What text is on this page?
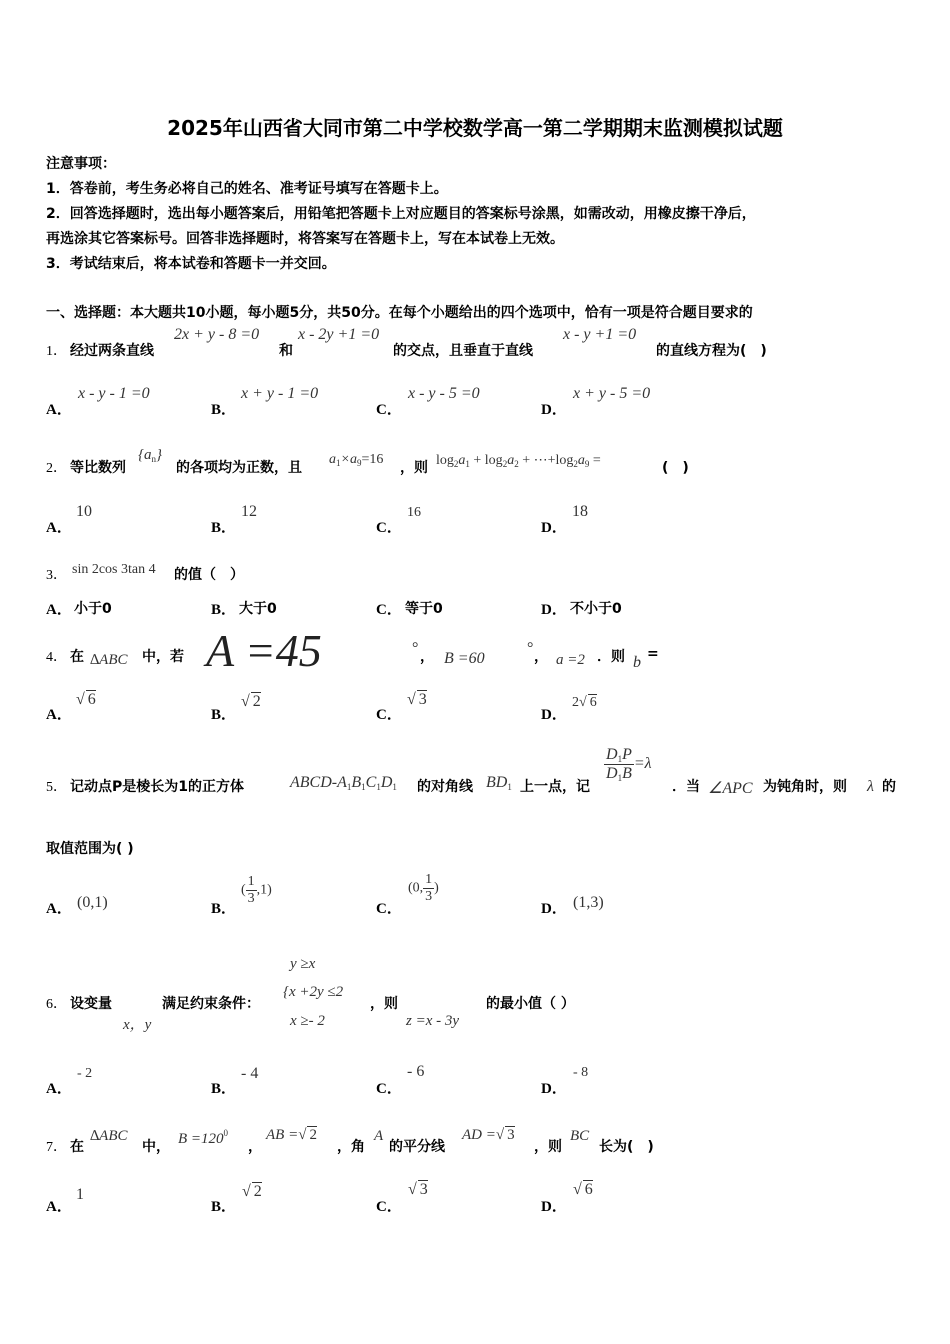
2025年山西省大同市第二中学校数学高一第二学期期末监测模拟试题
注意事项：
1．答卷前，考生务必将自己的姓名、准考证号填写在答题卡上。
2．回答选择题时，选出每小题答案后，用铅笔把答题卡上对应题目的答案标号涂黑，如需改动，用橡皮擦干净后，
再选涂其它答案标号。回答非选择题时，将答案写在答题卡上，写在本试卷上无效。
3．考试结束后，将本试卷和答题卡一并交回。
一、选择题：本大题共10小题，每小题5分，共50分。在每个小题给出的四个选项中，恰有一项是符合题目要求的
1． 经过两条直线
2x + y - 8 =0
和
x - 2y +1 =0
的交点，且垂直于直线
x - y +1 =0
的直线方程为(　)
A．
x - y - 1 =0
B．
x + y - 1 =0
C．
x - y - 5 =0
D．
x + y - 5 =0
2． 等比数列
$\{a_n\}$
的各项均为正数，且
$a_1\times a_9=16$
，则 $\log_2a_1 + \log_2a_2$ + $\cdots+\log_2a_9$ =	(　)
A．
10
B．
12
C．
16
D．
18
3． sin 2cos 3tan 4 的值（　）
A． 小于0	B． 大于0	C． 等于0	D． 不小于0
4． 在 ∆ABC 中，若 A =45	° ， B =60
° ， a =2 ．则 b =
A．
√ 6
B．
√ 2
C．
√ 3
D．
2√ 6
5． 记动点P是棱长为1的正方体	ABCD-$A_1B_1C_1D_1$ 的对角线 $BD_1$ 上一点，记
$\frac{D_1P}{D_1B} =\lambda$
．当 ∠APC 为钝角时，则 λ 的
取值范围为( )
A． (0,1)	B．
( $\frac{1}{3} ,1$)
C．
(0, $\frac{1}{3}$ )
D． (1,3)
6． 设变量
x，y
满足约束条件：
y ≥x
{x +2y ≤2
x ≥- 2
，则
z =x - 3y
的最小值（ ）
A．
- 2
B．
- 4
C．
- 6
D．
- 8
7． 在
∆ABC
中， $B =120^0$
，
AB =√ 2
，角
A
的平分线
AD =√ 3
，则
BC
长为(　)
A．
1
B．
√ 2
C．
√ 3
D．
√ 6
